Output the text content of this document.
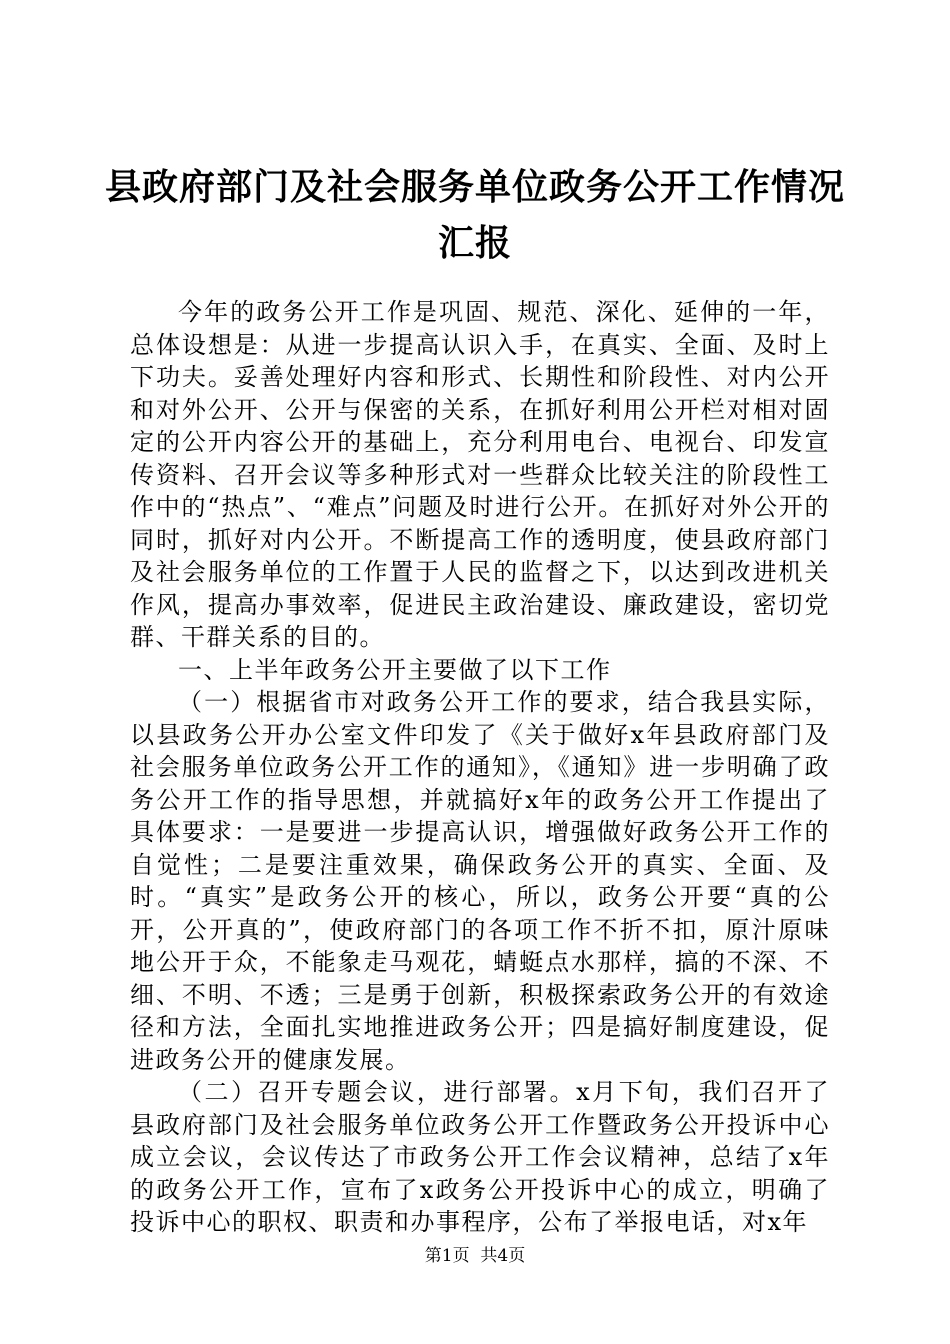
县政府部门及社会服务单位政务公开工作情况汇报

今年的政务公开工作是巩固、规范、深化、延伸的一年，总体设想是：从进一步提高认识入手，在真实、全面、及时上下功夫。妥善处理好内容和形式、长期性和阶段性、对内公开和对外公开、公开与保密的关系，在抓好利用公开栏对相对固定的公开内容公开的基础上，充分利用电台、电视台、印发宣传资料、召开会议等多种形式对一些群众比较关注的阶段性工作中的“热点”、“难点”问题及时进行公开。在抓好对外公开的同时，抓好对内公开。不断提高工作的透明度，使县政府部门及社会服务单位的工作置于人民的监督之下，以达到改进机关作风，提高办事效率，促进民主政治建设、廉政建设，密切党群、干群关系的目的。

一、上半年政务公开主要做了以下工作

（一）根据省市对政务公开工作的要求，结合我县实际，以县政务公开办公室文件印发了《关于做好x年县政府部门及社会服务单位政务公开工作的通知》，《通知》进一步明确了政务公开工作的指导思想，并就搞好x年的政务公开工作提出了具体要求：一是要进一步提高认识，增强做好政务公开工作的自觉性；二是要注重效果，确保政务公开的真实、全面、及时。“真实”是政务公开的核心，所以，政务公开要“真的公开，公开真的”，使政府部门的各项工作不折不扣，原汁原味地公开于众，不能象走马观花，蜻蜓点水那样，搞的不深、不细、不明、不透；三是勇于创新，积极探索政务公开的有效途径和方法，全面扎实地推进政务公开；四是搞好制度建设，促进政务公开的健康发展。

（二）召开专题会议，进行部署。x月下旬，我们召开了县政府部门及社会服务单位政务公开工作暨政务公开投诉中心成立会议，会议传达了市政务公开工作会议精神，总结了x年的政务公开工作，宣布了x政务公开投诉中心的成立，明确了投诉中心的职权、职责和办事程序，公布了举报电话，对x年

第1页 共4页
